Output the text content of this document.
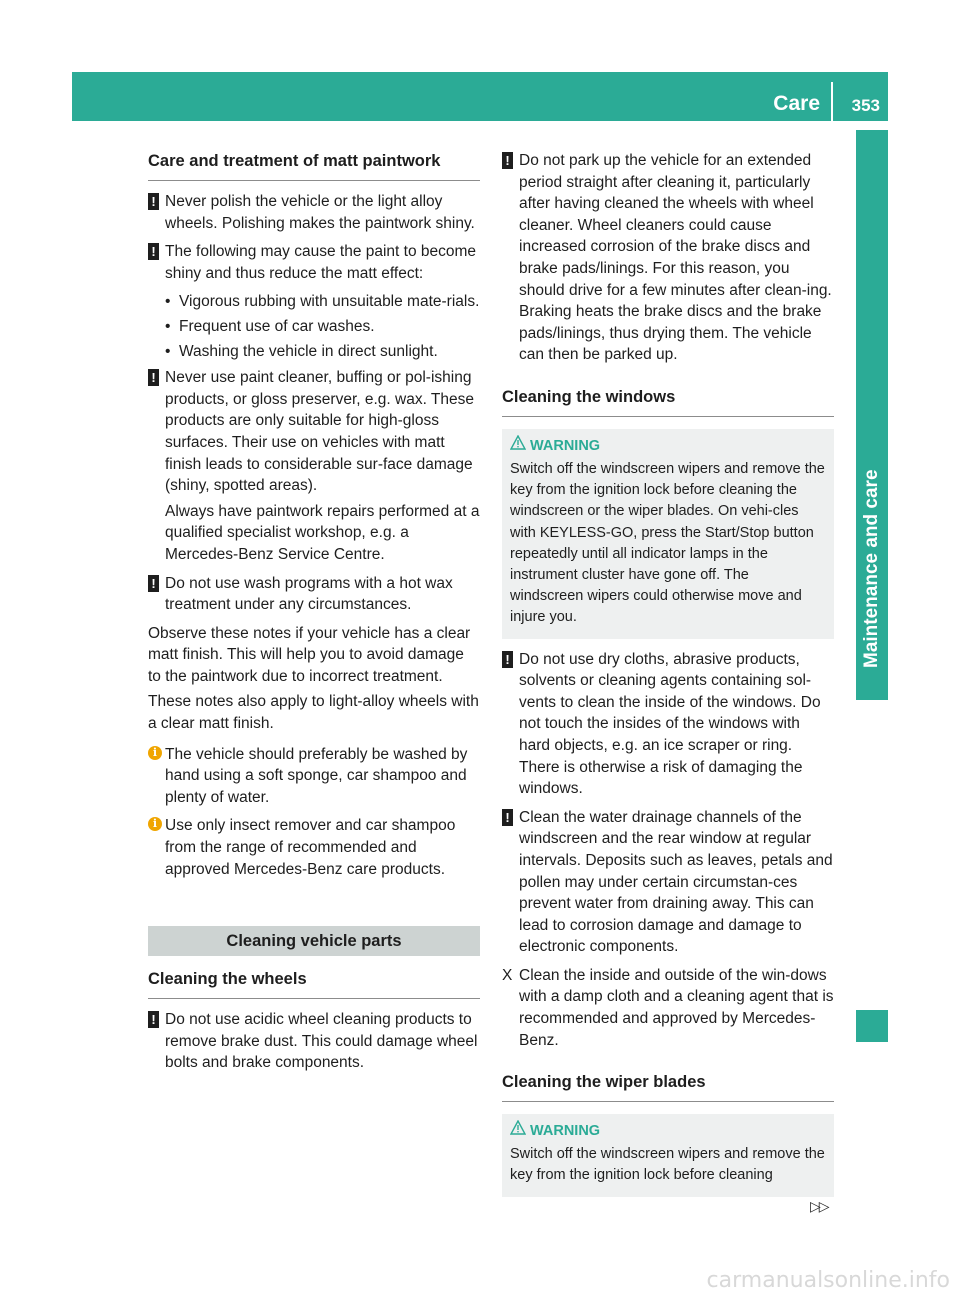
Care 353
Maintenance and care
Care and treatment of matt paintwork
! Never polish the vehicle or the light alloy wheels. Polishing makes the paintwork shiny.

! The following may cause the paint to become shiny and thus reduce the matt effect:

• Vigorous rubbing with unsuitable mate-rials.
• Frequent use of car washes.
• Washing the vehicle in direct sunlight.
! Never use paint cleaner, buffing or pol-ishing products, or gloss preserver, e.g. wax. These products are only suitable for high-gloss surfaces. Their use on vehicles with matt finish leads to considerable sur-face damage (shiny, spotted areas).

Always have paintwork repairs performed at a qualified specialist workshop, e.g. a Mercedes-Benz Service Centre.

! Do not use wash programs with a hot wax treatment under any circumstances.

Observe these notes if your vehicle has a clear matt finish. This will help you to avoid damage to the paintwork due to incorrect treatment.

These notes also apply to light-alloy wheels with a clear matt finish.

i The vehicle should preferably be washed by hand using a soft sponge, car shampoo and plenty of water.

i Use only insect remover and car shampoo from the range of recommended and approved Mercedes-Benz care products.

Cleaning vehicle parts
Cleaning the wheels
! Do not use acidic wheel cleaning products to remove brake dust. This could damage wheel bolts and brake components.

! Do not park up the vehicle for an extended period straight after cleaning it, particularly after having cleaned the wheels with wheel cleaner. Wheel cleaners could cause increased corrosion of the brake discs and brake pads/linings. For this reason, you should drive for a few minutes after clean-ing. Braking heats the brake discs and the brake pads/linings, thus drying them. The vehicle can then be parked up.

Cleaning the windows
WARNING

Switch off the windscreen wipers and remove the key from the ignition lock before cleaning the windscreen or the wiper blades. On vehi-cles with KEYLESS-GO, press the Start/Stop button repeatedly until all indicator lamps in the instrument cluster have gone off. The windscreen wipers could otherwise move and injure you.

! Do not use dry cloths, abrasive products, solvents or cleaning agents containing sol-vents to clean the inside of the windows. Do not touch the insides of the windows with hard objects, e.g. an ice scraper or ring. There is otherwise a risk of damaging the windows.

! Clean the water drainage channels of the windscreen and the rear window at regular intervals. Deposits such as leaves, petals and pollen may under certain circumstan-ces prevent water from draining away. This can lead to corrosion damage and damage to electronic components.

X Clean the inside and outside of the win-dows with a damp cloth and a cleaning agent that is recommended and approved by Mercedes-Benz.

Cleaning the wiper blades
WARNING

Switch off the windscreen wipers and remove the key from the ignition lock before cleaning

▷▷
carmanualsonline.info
